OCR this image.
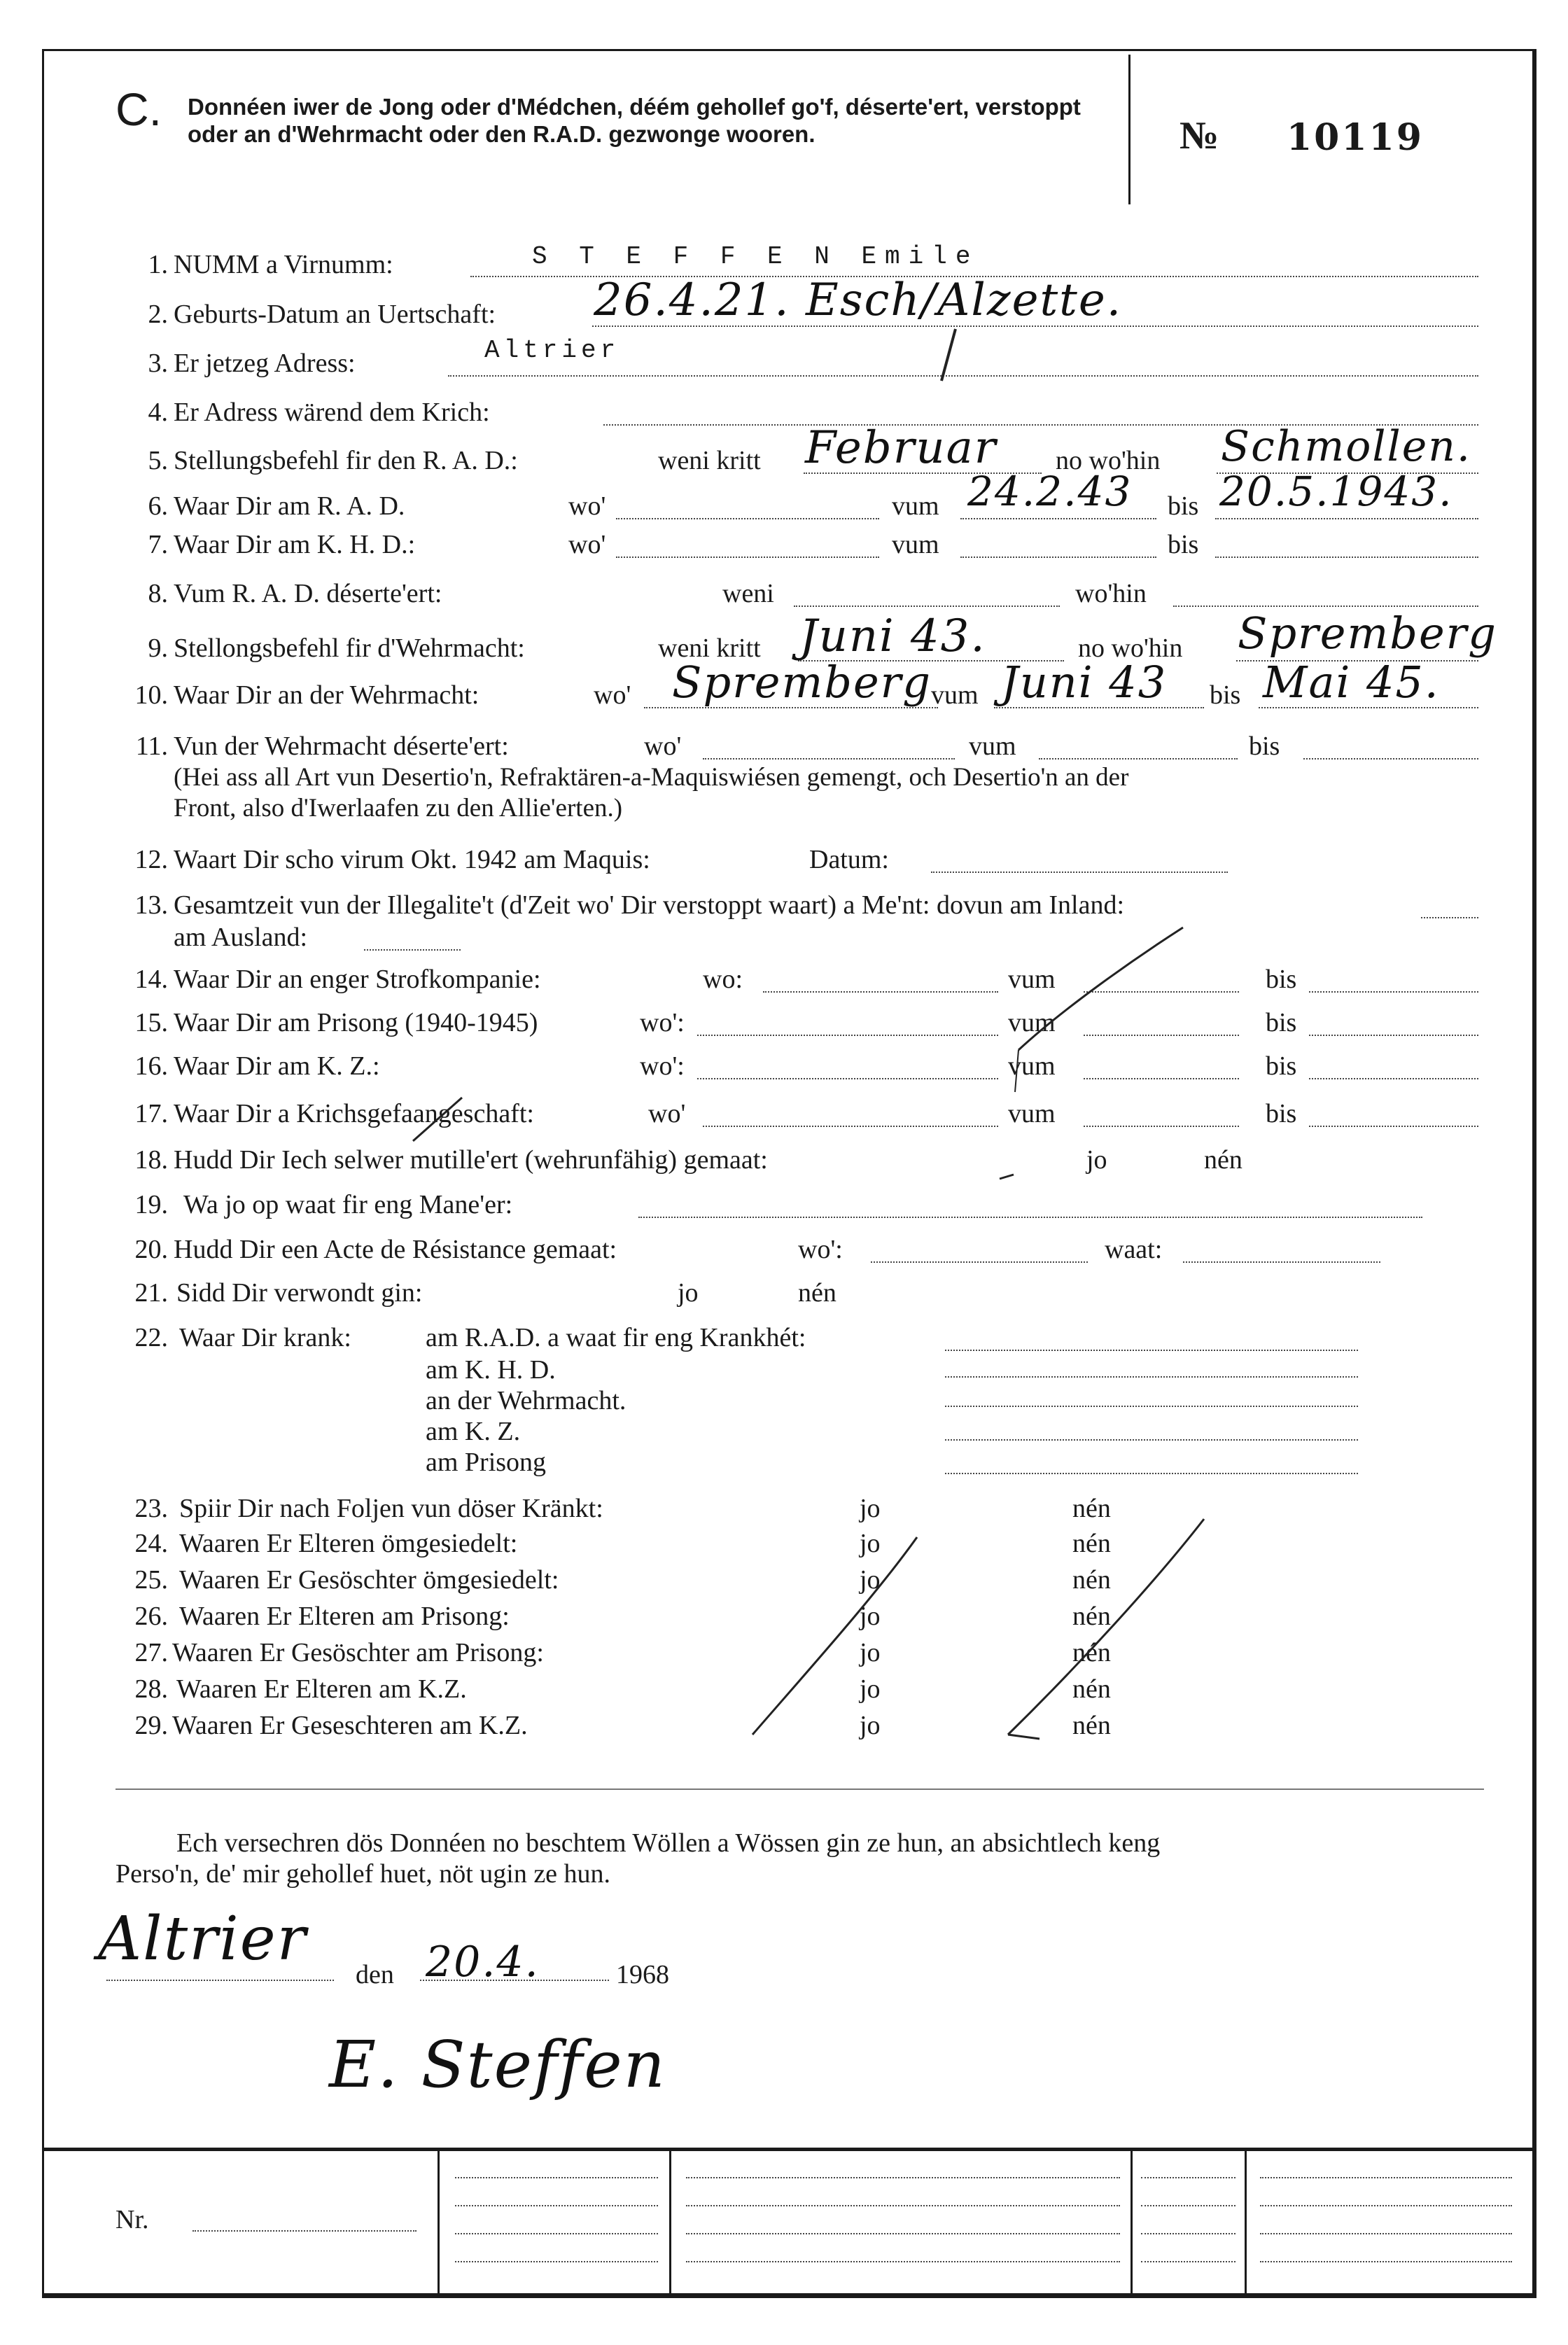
C. Donnéen iwer de Jong oder d'Médchen, déém gehollef go'f, déserte'ert, verstoppt oder an d'Wehrmacht oder den R.A.D. gezwonge wooren.	№ 10119
1. NUMM a Virnumm:	S T E F F E N Emile
2. Geburts-Datum an Uertschaft: 26.4.21. Esch/Alzette.
3. Er jetzeg Adress:	Altrier
4. Er Adress wärend dem Krich:
5. Stellungsbefehl fir den R. A. D.:	weni kritt Februar no wo'hin Schmollen.
6. Waar Dir am R. A. D.	wo'	vum 24.2.43 bis 20.5.1943.
7. Waar Dir am K. H. D.:	wo'	vum	bis
8. Vum R. A. D. déserte'ert:	weni	wo'hin
9. Stellongsbefehl fir d'Wehrmacht:	weni kritt Juni 43.	no wo'hin Spremberg
10. Waar Dir an der Wehrmacht:	wo' Spremberg vum Juni 43 bis Mai 45.
11. Vun der Wehrmacht déserte'ert:	wo'	vum	bis
(Hei ass all Art vun Desertio'n, Refraktären-a-Maquiswiésen gemengt, och Desertio'n an der
Front, also d'Iwerlaafen zu den Allie'erten.)
12. Waart Dir scho virum Okt. 1942 am Maquis:	Datum:
13. Gesamtzeit vun der Illegalite't (d'Zeit wo' Dir verstoppt waart) a Me'nt: dovun am Inland:
am Ausland:
14. Waar Dir an enger Strofkompanie:	wo:	vum	bis
15. Waar Dir am Prisong (1940-1945)	wo':	vum	bis
16. Waar Dir am K. Z.:	wo':	vum	bis
17. Waar Dir a Krichsgefaangeschaft:	wo'	vum	bis
18. Hudd Dir Iech selwer mutille'ert (wehrunfähig) gemaat:	jo	nén
19. Wa jo op waat fir eng Mane'er:
20. Hudd Dir een Acte de Résistance gemaat:	wo':	waat:
21. Sidd Dir verwondt gin:	jo	nén
22. Waar Dir krank:	am R.A.D. a waat fir eng Krankhét:
am K. H. D.
an der Wehrmacht.
am K. Z.
am Prisong
23. Spiir Dir nach Foljen vun döser Kränkt:	jo	nén
24. Waaren Er Elteren ömgesiedelt:	jo	nén
25. Waaren Er Gesöschter ömgesiedelt:	jo	nén
26. Waaren Er Elteren am Prisong:	jo	nén
27. Waaren Er Gesöschter am Prisong:	jo	nén
28. Waaren Er Elteren am K.Z.	jo	nén
29. Waaren Er Geseschteren am K.Z.	jo	nén
Ech versechren dös Donnéen no beschtem Wöllen a Wössen gin ze hun, an absichtlech keng
Perso'n, de' mir gehollef huet, nöt ugin ze hun.
Altrier
den 20.4.	1968
E. Steffen
Nr.
